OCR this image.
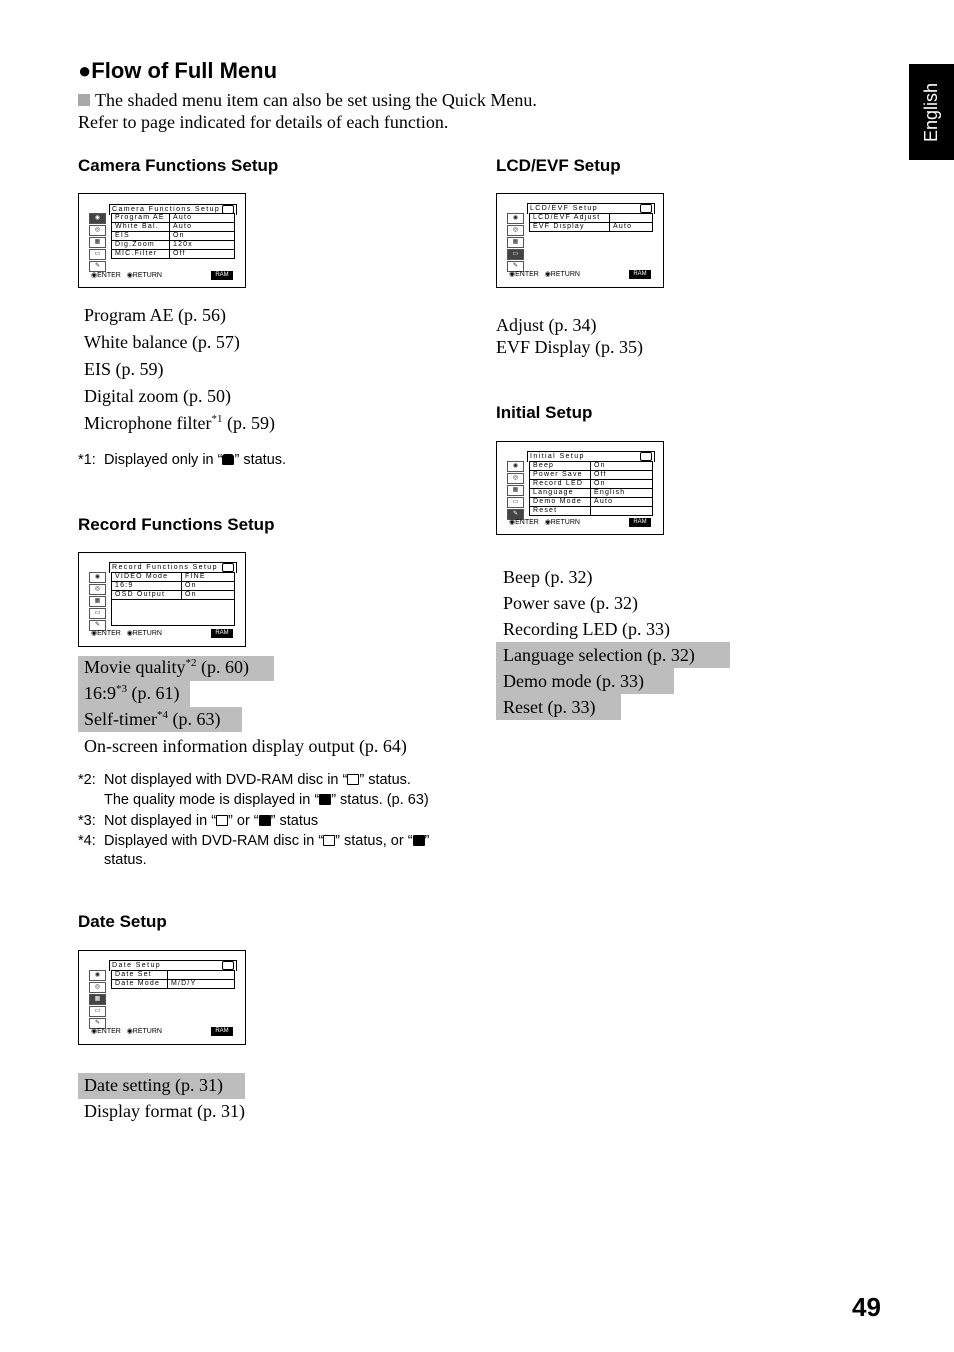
●Flow of Full Menu
The shaded menu item can also be set using the Quick Menu.
Refer to page indicated for details of each function.	English
Camera Functions Setup
Camera Functions Setup
◉
◎
▦
▭
✎
Program AE	Auto
White Bal.	Auto
EIS	On
Dig.Zoom	120x
MIC.Filter	Off
◉ENTER ◉RETURN	RAM
Program AE (p. 56)
White balance (p. 57)
EIS (p. 59)
Digital zoom (p. 50)
Microphone filter$^{*1}$ (p. 59)
*1: Displayed only in “ ” status.
Record Functions Setup
Record Functions Setup
◉
◎
▦
▭
✎
VIDEO Mode	FINE
16:9	On
OSD Output	On
◉ENTER ◉RETURN	RAM
Movie quality$^{*2}$ (p. 60)
16:9$^{*3}$ (p. 61)
Self-timer$^{*4}$ (p. 63)
On-screen information display output (p. 64)
*2: Not displayed with DVD-RAM disc in “ ” status.
The quality mode is displayed in “ ” status. (p. 63)
*3: Not displayed in “ ” or “ ” status
*4: Displayed with DVD-RAM disc in “ ” status, or “ ”
status.
Date Setup
Date Setup
◉
◎
▦
▭
✎
Date Set	
Date Mode	M/D/Y
◉ENTER ◉RETURN	RAM
Date setting (p. 31)
Display format (p. 31)
LCD/EVF Setup
LCD/EVF Setup
◉
◎
▦
▭
✎
LCD/EVF Adjust	
EVF Display	Auto
◉ENTER ◉RETURN	RAM
Adjust (p. 34)
EVF Display (p. 35)
Initial Setup
Initial Setup
◉
◎
▦
▭
✎
Beep	On
Power Save	Off
Record LED	On
Language	English
Demo Mode	Auto
Reset	
◉ENTER ◉RETURN	RAM
Beep (p. 32)
Power save (p. 32)
Recording LED (p. 33)
Language selection (p. 32)
Demo mode (p. 33)
Reset (p. 33)
49
